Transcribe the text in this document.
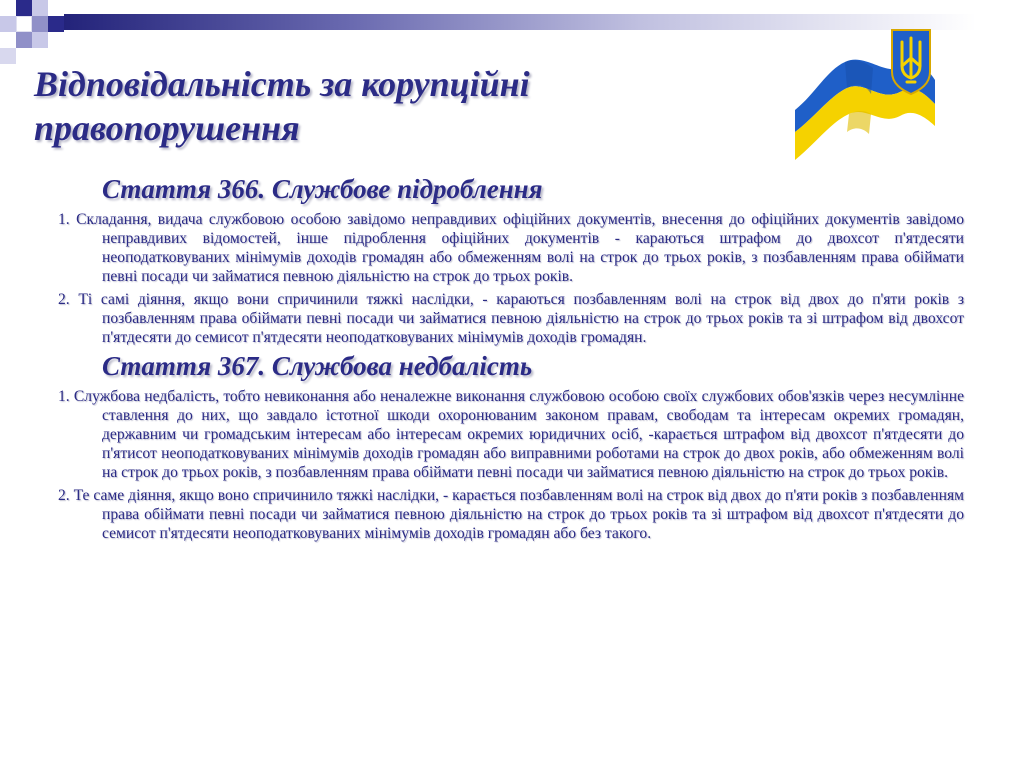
Відповідальність за корупційні
правопорушення
Стаття 366. Службове підроблення
1. Складання, видача службовою особою завідомо неправдивих офіційних документів, внесення до офіційних документів завідомо неправдивих відомостей, інше підроблення офіційних документів - караються штрафом до двохсот п'ятдесяти неоподатковуваних мінімумів доходів громадян або обмеженням волі на строк до трьох років, з позбавленням права обіймати певні посади чи займатися певною діяльністю на строк до трьох років.
2. Ті самі діяння, якщо вони спричинили тяжкі наслідки, - караються позбавленням волі на строк від двох до п'яти років з позбавленням права обіймати певні посади чи займатися певною діяльністю на строк до трьох років та зі штрафом від двохсот п'ятдесяти до семисот п'ятдесяти неоподатковуваних мінімумів доходів громадян.
Стаття 367. Службова недбалість
1. Службова недбалість, тобто невиконання або неналежне виконання службовою особою своїх службових обов'язків через несумлінне ставлення до них, що завдало істотної шкоди охоронюваним законом правам, свободам та інтересам окремих громадян, державним чи громадським інтересам або інтересам окремих юридичних осіб, -карається штрафом від двохсот п'ятдесяти до п'ятисот неоподатковуваних мінімумів доходів громадян або виправними роботами на строк до двох років, або обмеженням волі на строк до трьох років, з позбавленням права обіймати певні посади чи займатися певною діяльністю на строк до трьох років.
2. Те саме діяння, якщо воно спричинило тяжкі наслідки, - карається позбавленням волі на строк від двох до п'яти років з позбавленням права обіймати певні посади чи займатися певною діяльністю на строк до трьох років та зі штрафом від двохсот п'ятдесяти до семисот п'ятдесяти неоподатковуваних мінімумів доходів громадян або без такого.
